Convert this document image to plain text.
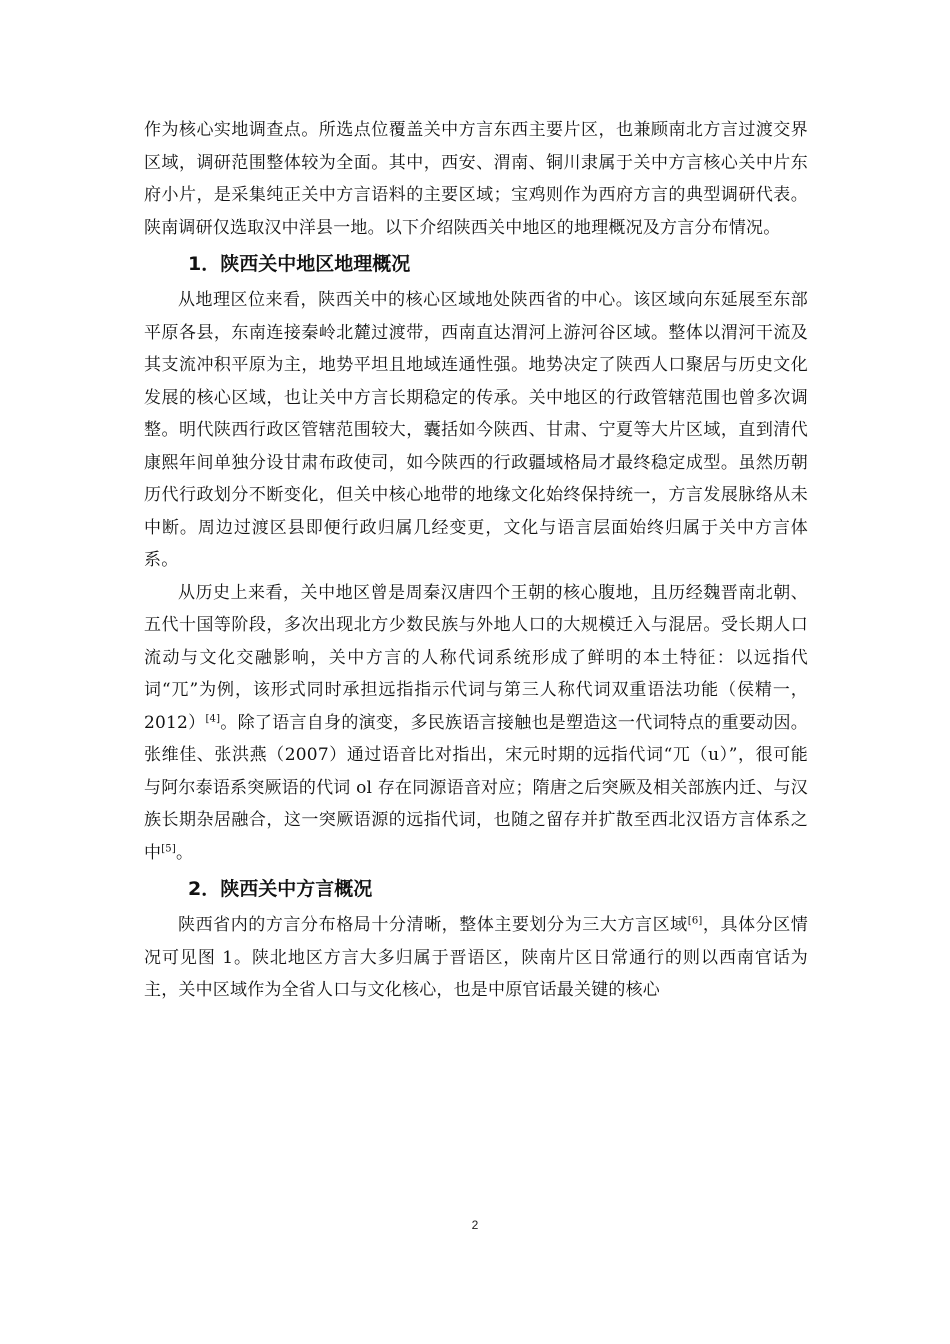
作为核心实地调查点。所选点位覆盖关中方言东西主要片区，也兼顾南北方言过渡交界区域，调研范围整体较为全面。其中，西安、渭南、铜川隶属于关中方言核心关中片东府小片，是采集纯正关中方言语料的主要区域；宝鸡则作为西府方言的典型调研代表。陕南调研仅选取汉中洋县一地。以下介绍陕西关中地区的地理概况及方言分布情况。

1．陕西关中地区地理概况

从地理区位来看，陕西关中的核心区域地处陕西省的中心。该区域向东延展至东部平原各县，东南连接秦岭北麓过渡带，西南直达渭河上游河谷区域。整体以渭河干流及其支流冲积平原为主，地势平坦且地域连通性强。地势决定了陕西人口聚居与历史文化发展的核心区域，也让关中方言长期稳定的传承。关中地区的行政管辖范围也曾多次调整。明代陕西行政区管辖范围较大，囊括如今陕西、甘肃、宁夏等大片区域，直到清代康熙年间单独分设甘肃布政使司，如今陕西的行政疆域格局才最终稳定成型。虽然历朝历代行政划分不断变化，但关中核心地带的地缘文化始终保持统一，方言发展脉络从未中断。周边过渡区县即便行政归属几经变更，文化与语言层面始终归属于关中方言体系。

从历史上来看，关中地区曾是周秦汉唐四个王朝的核心腹地，且历经魏晋南北朝、五代十国等阶段，多次出现北方少数民族与外地人口的大规模迁入与混居。受长期人口流动与文化交融影响，关中方言的人称代词系统形成了鲜明的本土特征：以远指代词“兀”为例，该形式同时承担远指指示代词与第三人称代词双重语法功能（侯精一，2012）[4]。除了语言自身的演变，多民族语言接触也是塑造这一代词特点的重要动因。张维佳、张洪燕（2007）通过语音比对指出，宋元时期的远指代词“兀（u）”，很可能与阿尔泰语系突厥语的代词 ol 存在同源语音对应；隋唐之后突厥及相关部族内迁、与汉族长期杂居融合，这一突厥语源的远指代词，也随之留存并扩散至西北汉语方言体系之中[5]。

2．陕西关中方言概况

陕西省内的方言分布格局十分清晰，整体主要划分为三大方言区域[6]，具体分区情况可见图 1。陕北地区方言大多归属于晋语区，陕南片区日常通行的则以西南官话为主，关中区域作为全省人口与文化核心，也是中原官话最关键的核心

2
